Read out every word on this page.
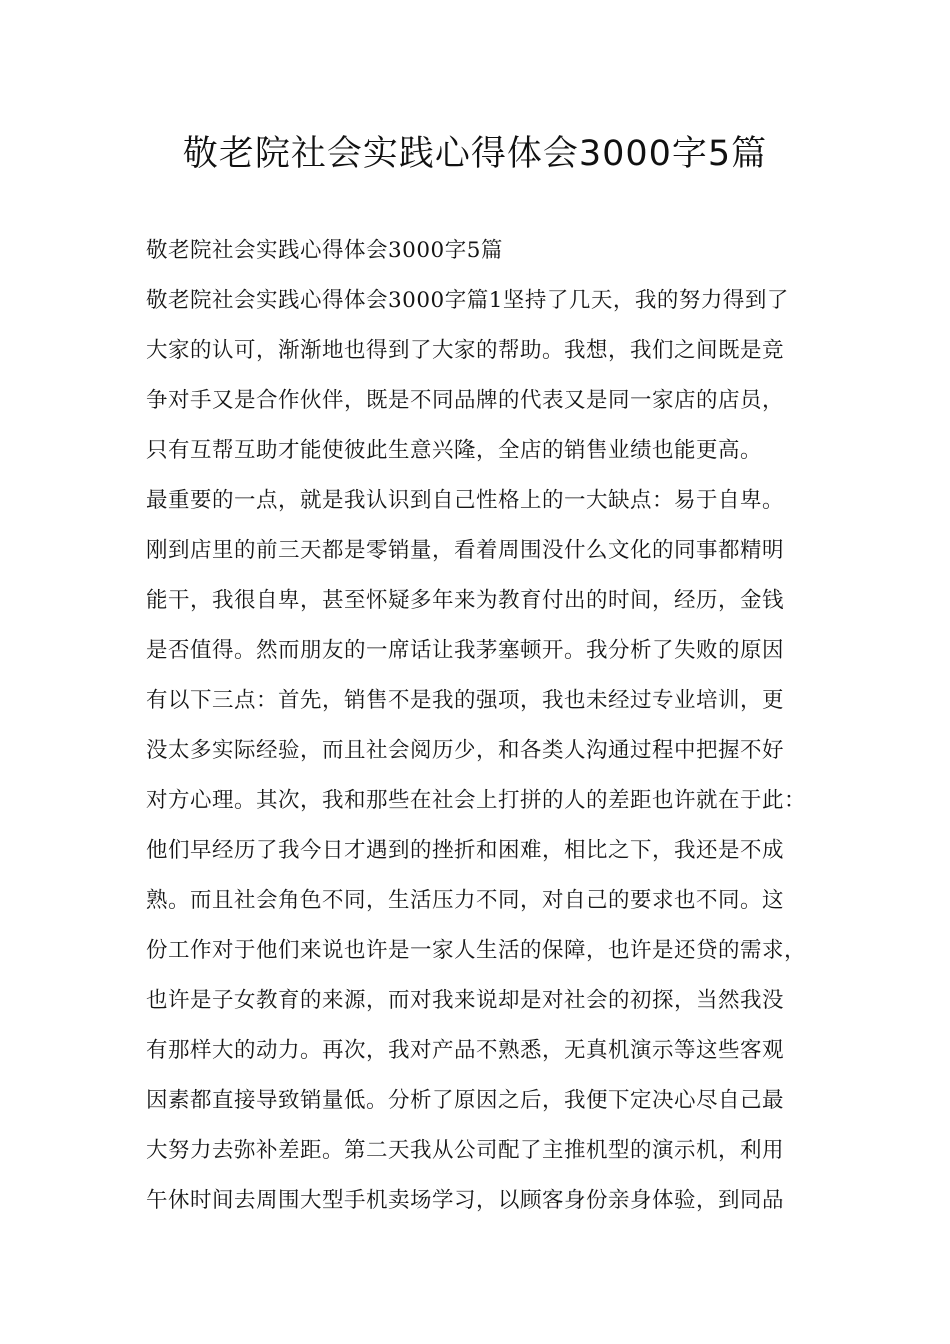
敬老院社会实践心得体会3000字5篇
敬老院社会实践心得体会3000字5篇
敬老院社会实践心得体会3000字篇1坚持了几天，我的努力得到了
大家的认可，渐渐地也得到了大家的帮助。我想，我们之间既是竞
争对手又是合作伙伴，既是不同品牌的代表又是同一家店的店员，
只有互帮互助才能使彼此生意兴隆，全店的销售业绩也能更高。
最重要的一点，就是我认识到自己性格上的一大缺点：易于自卑。
刚到店里的前三天都是零销量，看着周围没什么文化的同事都精明
能干，我很自卑，甚至怀疑多年来为教育付出的时间，经历，金钱
是否值得。然而朋友的一席话让我茅塞顿开。我分析了失败的原因
有以下三点：首先，销售不是我的强项，我也未经过专业培训，更
没太多实际经验，而且社会阅历少，和各类人沟通过程中把握不好
对方心理。其次，我和那些在社会上打拼的人的差距也许就在于此：
他们早经历了我今日才遇到的挫折和困难，相比之下，我还是不成
熟。而且社会角色不同，生活压力不同，对自己的要求也不同。这
份工作对于他们来说也许是一家人生活的保障，也许是还贷的需求，
也许是子女教育的来源，而对我来说却是对社会的初探，当然我没
有那样大的动力。再次，我对产品不熟悉，无真机演示等这些客观
因素都直接导致销量低。分析了原因之后，我便下定决心尽自己最
大努力去弥补差距。第二天我从公司配了主推机型的演示机，利用
午休时间去周围大型手机卖场学习，以顾客身份亲身体验，到同品
